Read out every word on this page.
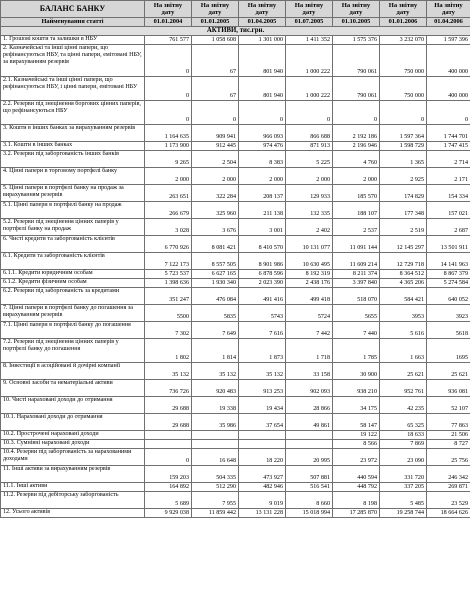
БАЛАНС БАНКУ	На звітну дату	На звітну дату	На звітну дату	На звітну дату	На звітну дату	На звітну дату	На звітну дату
Найменування статті	01.01.2004	01.01.2005	01.04.2005	01.07.2005	01.10.2005	01.01.2006	01.04.2006
АКТИВИ, тис.грн.							
1. Грошові кошти та залишки в НБУ	761 577	1 058 608	1 301 000	1 411 352	1 575 376	3 232 070	1 597 396
2. Казначейські та інші цінні папери, що рефінансуються НБУ, та цінні папери, емітовані НБУ, за вирахуванням резервів	0	67	801 940	1 000 222	790 061	750 000	400 000
2.1. Казначейські та інші цінні папери, що рефінансуються НБУ, і цінні папери, емітовані НБУ	0	67	801 940	1 000 222	790 061	750 000	400 000
2.2. Резерви під знецінення боргових цінних паперів, що рефінансуються НБУ	0	0	0	0	0	0	0
3. Кошти в інших банках за вирахуванням резервів	1 164 635	909 941	966 093	866 688	2 192 186	1 597 364	1 744 701
3.1. Кошти в інших банках	1 173 900	912 445	974 476	871 913	2 196 946	1 598 729	1 747 415
3.2. Резерви під заборгованість інших банків	9 265	2 504	8 383	5 225	4 760	1 365	2 714
4. Цінні папери в торговому портфелі банку	2 000	2 000	2 000	2 000	2 000	2 925	2 171
5. Цінні папери в портфелі банку на продаж за вирахуванням резервів	263 651	322 284	208 137	129 933	185 570	174 829	154 334
5.1. Цінні папери в портфелі банку на продаж	266 679	325 960	211 138	132 335	188 107	177 348	157 021
5.2. Резерви під знецінення цінних паперів у портфелі банку на продаж	3 028	3 676	3 001	2 402	2 537	2 519	2 687
6. Чисті кредити та заборгованість клієнтів	6 770 926	8 081 421	8 410 570	10 131 077	11 091 144	12 145 297	13 501 911
6.1. Кредити та заборгованість клієнтів	7 122 173	8 557 505	8 901 986	10 630 495	11 609 214	12 729 718	14 141 963
6.1.1. Кредити юридичним особам	5 723 537	6 627 165	6 878 596	8 192 319	8 211 374	8 364 512	8 867 379
6.1.2. Кредити фізичним особам	1 398 636	1 930 340	2 023 390	2 438 176	3 397 840	4 365 206	5 274 584
6.2. Резерви під заборгованість за кредитами	351 247	476 084	491 416	499 418	518 070	584 421	640 052
7. Цінні папери в портфелі банку до погашення за вирахуванням резервів	5500	5835	5743	5724	5655	3953	3923
7.1. Цінні папери в портфелі банку до погашення	7 302	7 649	7 616	7 442	7 440	5 616	5618
7.2. Резерви під знецінення цінних паперів у портфелі банку до погашення	1 802	1 814	1 873	1 718	1 785	1 663	1695
8. Інвестиції в асоційовані й дочірні компанії	35 132	35 132	35 132	33 158	30 900	25 621	25 621
9. Основні засоби та нематеріальні активи	736 726	920 483	913 253	902 093	938 210	952 761	936 081
10. Чисті нараховані доходи до отримання	29 688	19 338	19 434	28 866	34 175	42 235	52 107
10.1. Нараховані доходи до отримання	29 688	35 986	37 654	49 861	58 147	65 325	77 863
10.2. Прострочені нараховані доходи					19 122	18 633	21 506
10.3. Сумнівні нараховані доходи					8 566	7 869	8 727
10.4. Резерви під заборгованість за нарахованими доходами	0	16 648	18 220	20 995	23 972	23 090	25 756
11. Інші активи за вирахуванням резервів	159 203	504 335	473 927	507 881	440 594	331 720	246 342
11.1. Інші активи	164 892	512 290	482 946	516 541	448 792	337 205	269 871
11.2. Резерви під дебіторську заборгованість	5 689	7 955	9 019	8 660	8 198	5 485	23 529
12. Усього активів	9 929 038	11 859 442	13 131 228	15 018 994	17 285 870	19 258 744	18 664 626
